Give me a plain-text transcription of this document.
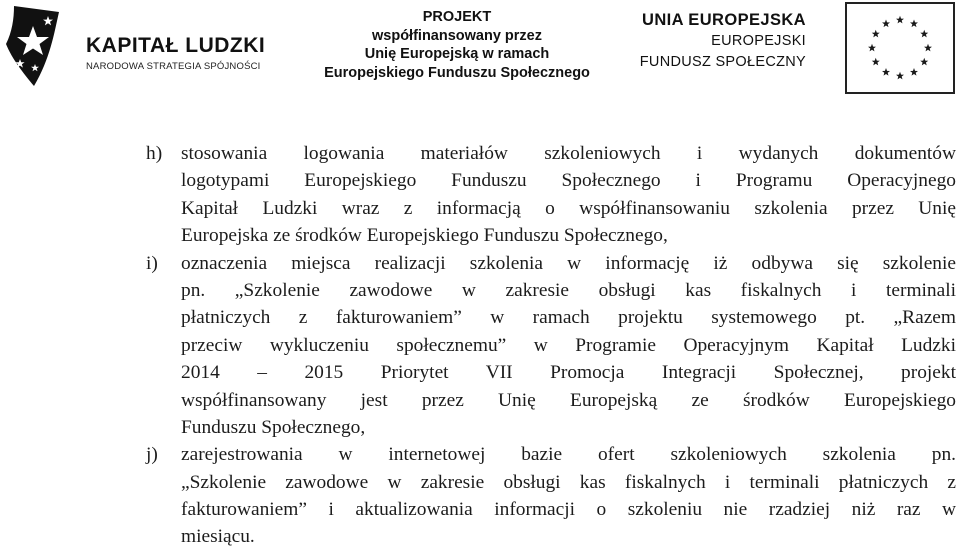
KAPITAŁ LUDZKI
NARODOWA STRATEGIA SPÓJNOŚCI
PROJEKT
współfinansowany przez
Unię Europejską w ramach
Europejskiego Funduszu Społecznego
UNIA EUROPEJSKA
EUROPEJSKI
FUNDUSZ SPOŁECZNY
h) stosowania logowania materiałów szkoleniowych i wydanych dokumentów
logotypami Europejskiego Funduszu Społecznego i Programu Operacyjnego
Kapitał Ludzki wraz z informacją o współfinansowaniu szkolenia przez Unię
Europejska ze środków Europejskiego Funduszu Społecznego,
i) oznaczenia miejsca realizacji szkolenia w informację iż odbywa się szkolenie
pn. „Szkolenie zawodowe w zakresie obsługi kas fiskalnych i terminali
płatniczych z fakturowaniem” w ramach projektu systemowego pt. „Razem
przeciw wykluczeniu społecznemu” w Programie Operacyjnym Kapitał Ludzki
2014 – 2015 Priorytet VII Promocja Integracji Społecznej, projekt
współfinansowany jest przez Unię Europejską ze środków Europejskiego
Funduszu Społecznego,
j) zarejestrowania w internetowej bazie ofert szkoleniowych szkolenia pn.
„Szkolenie zawodowe w zakresie obsługi kas fiskalnych i terminali płatniczych z
fakturowaniem” i aktualizowania informacji o szkoleniu nie rzadziej niż raz w
miesiącu.
